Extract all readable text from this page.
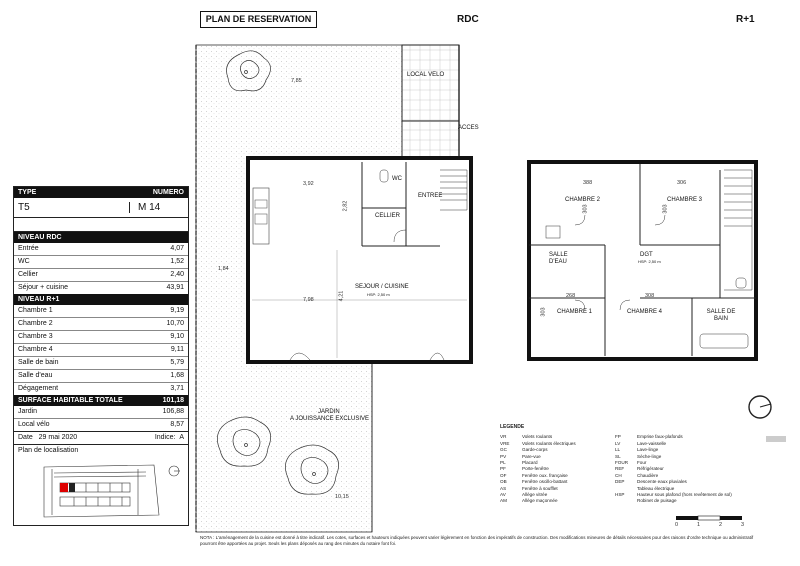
PLAN DE RESERVATION	RDC	R+1
TYPE	NUMERO
T5	M 14
NIVEAU RDC
Entrée	4,07
WC	1,52
Cellier	2,40
Séjour + cuisine	43,91
NIVEAU R+1
Chambre 1	9,19
Chambre 2	10,70
Chambre 3	9,10
Chambre 4	9,11
Salle de bain	5,79
Salle d'eau	1,68
Dégagement	3,71
SURFACE HABITABLE TOTALE	101,18
Jardin	106,88
Local vélo	8,57
Date 29 mai 2020	Indice: A
Plan de localisation
LOCAL VELO
ACCES
WC
ENTREE
CELLIER
SEJOUR / CUISINE
HSP: 2,50 m
JARDIN
A JOUISSANCE EXCLUSIVE
7,85
3,92
2,82
7,98	4,21
1,84
10,15
CHAMBRE 2	CHAMBRE 3
SALLE D'EAU
DGT
HSP: 2,50 m
CHAMBRE 1	CHAMBRE 4	SALLE DE BAIN
388	306
303	303
268	308
303
LEGENDE
VR	Volets roulants
VRE	Volets roulants électriques
GC	Garde-corps
PV	Pare-vue
PL	Placard
PF	Porte-fenêtre
OF	Fenêtre oux. française
OB	Fenêtre oscillo-battant
AS	Fenêtre à soufflet
AV	Allège vitrée
AM	Allège maçonnée
FP	Emprise faux-plafonds
LV	Lave-vaisselle
LL	Lave-linge
SL	Sèche-linge
FOUR	Four
REF	Réfrigérateur
CH	Chaudière
DEP	Descente eaux pluviales
Tableau électrique
HSP	Hauteur sous plafond (hors revêtement de sol)
Robinet de puisage
0	1	2	3
NOTA : L'aménagement de la cuisine est donné à titre indicatif. Les cotes, surfaces et hauteurs indiquées peuvent varier légèrement en fonction des impératifs de construction. Des modifications mineures de détails nécessaires pour des raisons d'ordre technique ou administratif pourront être apportées au projet. Seuls les plans déposés au rang des minutes du notaire font foi.
